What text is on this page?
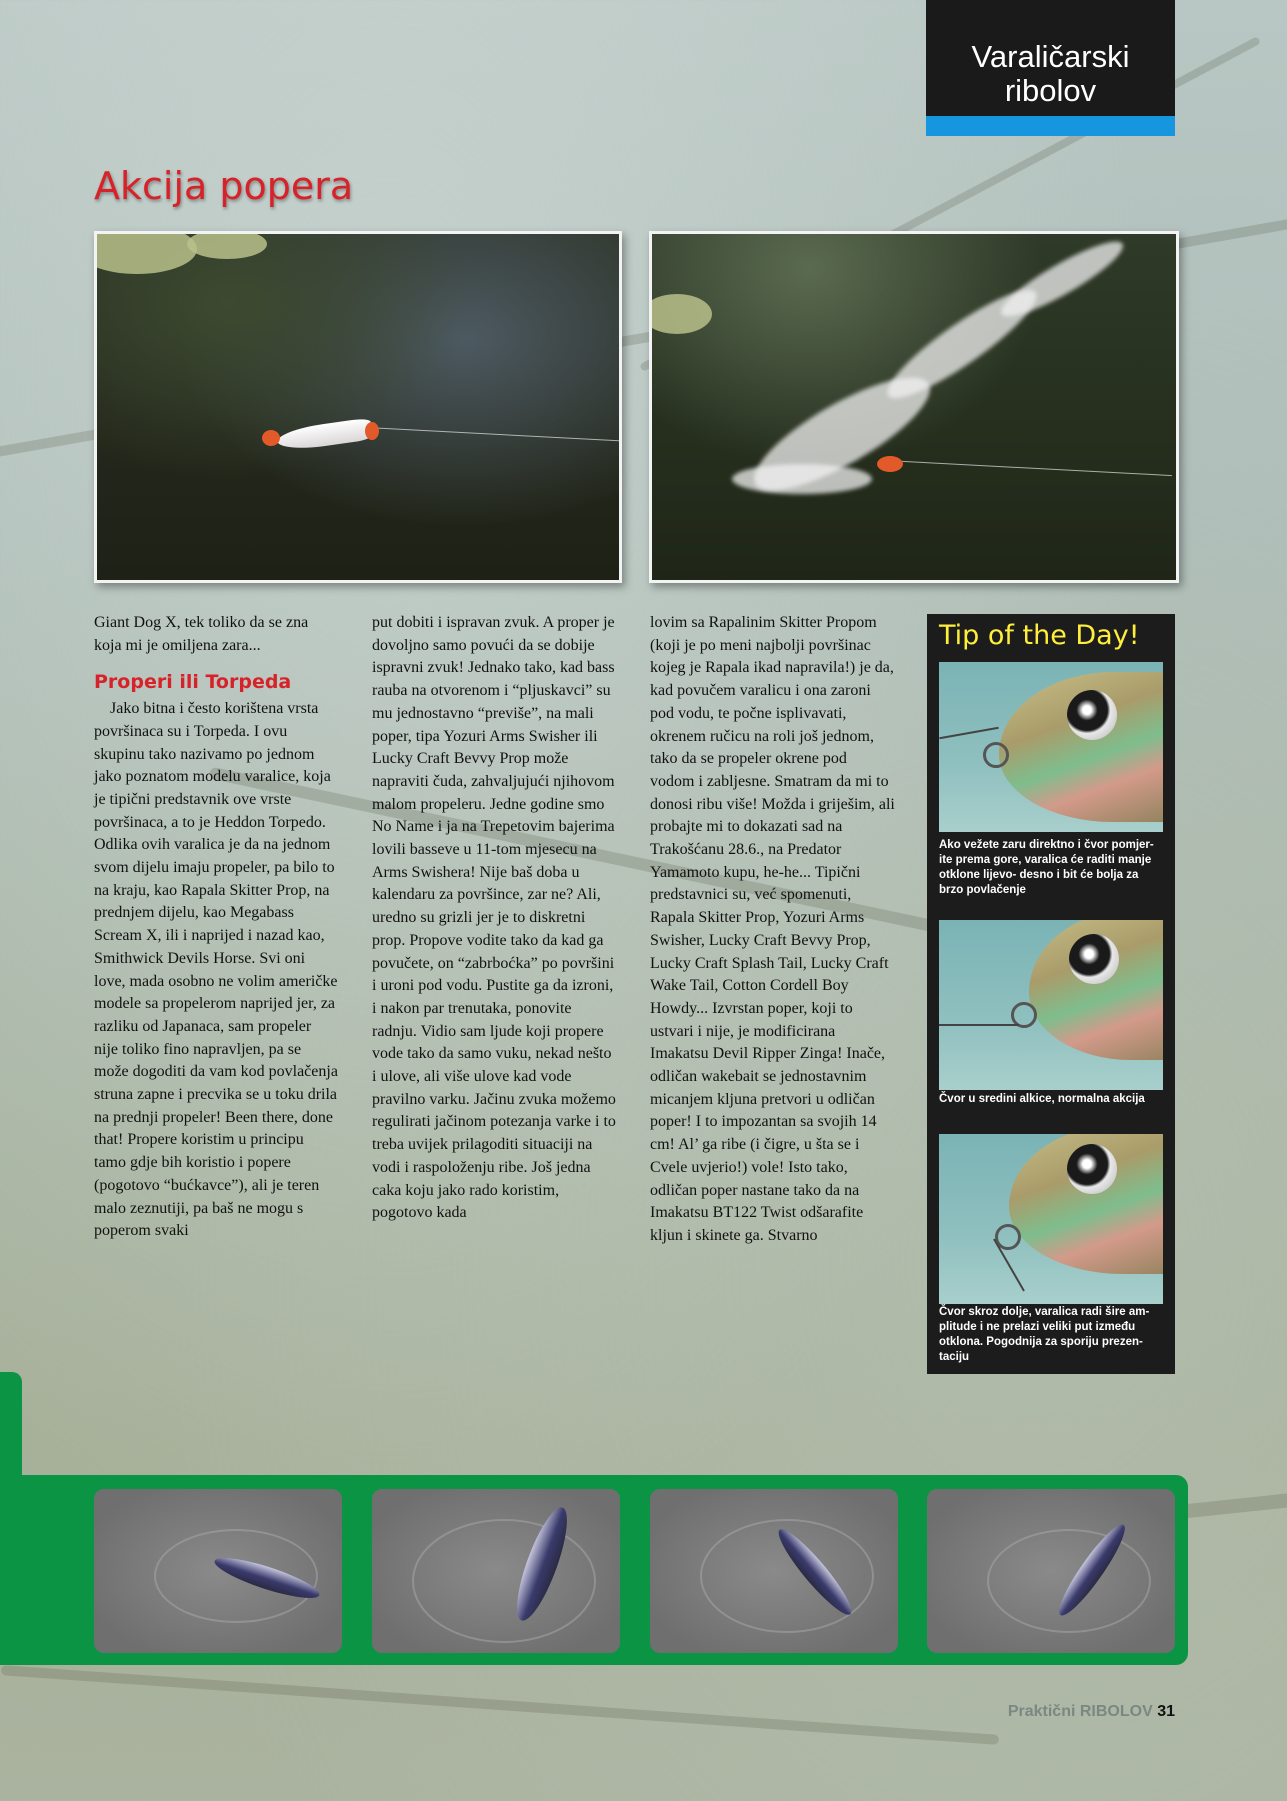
Varaličarski
ribolov
Akcija popera

Giant Dog X, tek toliko da se zna koja mi je omiljena zara...

Properi ili Torpeda

Jako bitna i često korištena vrsta površinaca su i Torpeda. I ovu skupinu tako nazivamo po jednom jako poznatom modelu varalice, koja je tipični predstavnik ove vrste površinaca, a to je Heddon Torpedo. Odlika ovih varalica je da na jednom svom dijelu imaju propeler, pa bilo to na kraju, kao Rapala Skitter Prop, na prednjem dijelu, kao Megabass Scream X, ili i naprijed i nazad kao, Smithwick Devils Horse. Svi oni love, mada osobno ne volim američke modele sa propelerom naprijed jer, za razliku od Japanaca, sam propeler nije toliko fino napravljen, pa se može dogoditi da vam kod povlačenja struna zapne i precvika se u toku drila na prednji propeler! Been there, done that! Propere koristim u principu tamo gdje bih koristio i popere (pogotovo “bućkavce”), ali je teren malo zeznutiji, pa baš ne mogu s poperom svaki

put dobiti i ispravan zvuk. A proper je dovoljno samo povući da se dobije ispravni zvuk! Jednako tako, kad bass rauba na otvorenom i “pljuskavci” su mu jednostavno “previše”, na mali poper, tipa Yozuri Arms Swisher ili Lucky Craft Bevvy Prop može napraviti čuda, zahvaljujući njihovom malom propeleru. Jedne godine smo No Name i ja na Trepetovim bajerima lovili basseve u 11-tom mjesecu na Arms Swishera! Nije baš doba u kalendaru za površince, zar ne? Ali, uredno su grizli jer je to diskretni prop. Propove vodite tako da kad ga povučete, on “zabrboćka” po površini i uroni pod vodu. Pustite ga da izroni, i nakon par trenutaka, ponovite radnju. Vidio sam ljude koji propere vode tako da samo vuku, nekad nešto i ulove, ali više ulove kad vode pravilno varku. Jačinu zvuka možemo regulirati jačinom potezanja varke i to treba uvijek prilagoditi situaciji na vodi i raspoloženju ribe. Još jedna caka koju jako rado koristim, pogotovo kada

lovim sa Rapalinim Skitter Propom (koji je po meni najbolji površinac kojeg je Rapala ikad napravila!) je da, kad povučem varalicu i ona zaroni pod vodu, te počne isplivavati, okrenem ručicu na roli još jednom, tako da se propeler okrene pod vodom i zabljesne. Smatram da mi to donosi ribu više! Možda i griješim, ali probajte mi to dokazati sad na Trakošćanu 28.6., na Predator Yamamoto kupu, he-he... Tipični predstavnici su, već spomenuti, Rapala Skitter Prop, Yozuri Arms Swisher, Lucky Craft Bevvy Prop, Lucky Craft Splash Tail, Lucky Craft Wake Tail, Cotton Cordell Boy Howdy... Izvrstan poper, koji to ustvari i nije, je modificirana Imakatsu Devil Ripper Zinga! Inače, odličan wakebait se jednostavnim micanjem kljuna pretvori u odličan poper! I to impozantan sa svojih 14 cm! Al’ ga ribe (i čigre, u šta se i Cvele uvjerio!) vole! Isto tako, odličan poper nastane tako da na Imakatsu BT122 Twist odšarafite kljun i skinete ga. Stvarno

Tip of the Day!

Ako vežete zaru direktno i čvor pomjer-ite prema gore, varalica će raditi manje otklone lijevo- desno i bit će bolja za brzo povlačenje

Čvor u sredini alkice, normalna akcija

Čvor skroz dolje, varalica radi šire am-plitude i ne prelazi veliki put između otklona. Pogodnija za sporiju prezen-taciju

Praktični RIBOLOV 31
